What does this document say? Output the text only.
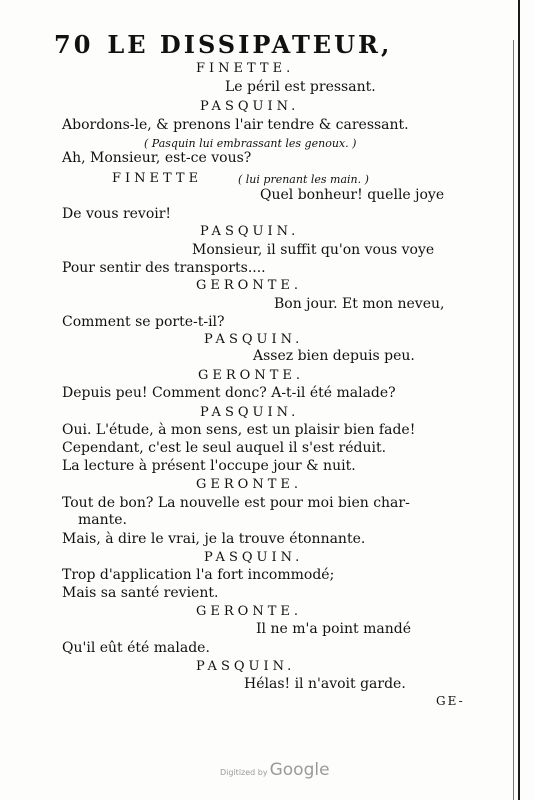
70 LE DISSIPATEUR,
FINETTE.
Le péril est pressant.
PASQUIN.
Abordons-le, & prenons l'air tendre & caressant.
( Pasquin lui embrassant les genoux. )
Ah, Monsieur, est-ce vous?
FINETTE	( lui prenant les main. )
Quel bonheur! quelle joye
De vous revoir!
PASQUIN.
Monsieur, il suffit qu'on vous voye
Pour sentir des transports....
GERONTE.
Bon jour. Et mon neveu,
Comment se porte-t-il?
PASQUIN.
Assez bien depuis peu.
GERONTE.
Depuis peu! Comment donc? A-t-il été malade?
PASQUIN.
Oui. L'étude, à mon sens, est un plaisir bien fade!
Cependant, c'est le seul auquel il s'est réduit.
La lecture à présent l'occupe jour & nuit.
GERONTE.
Tout de bon? La nouvelle est pour moi bien char-
mante.
Mais, à dire le vrai, je la trouve étonnante.
PASQUIN.
Trop d'application l'a fort incommodé;
Mais sa santé revient.
GERONTE.
Il ne m'a point mandé
Qu'il eût été malade.
PASQUIN.
Hélas! il n'avoit garde.
GE-
Digitized by Google
